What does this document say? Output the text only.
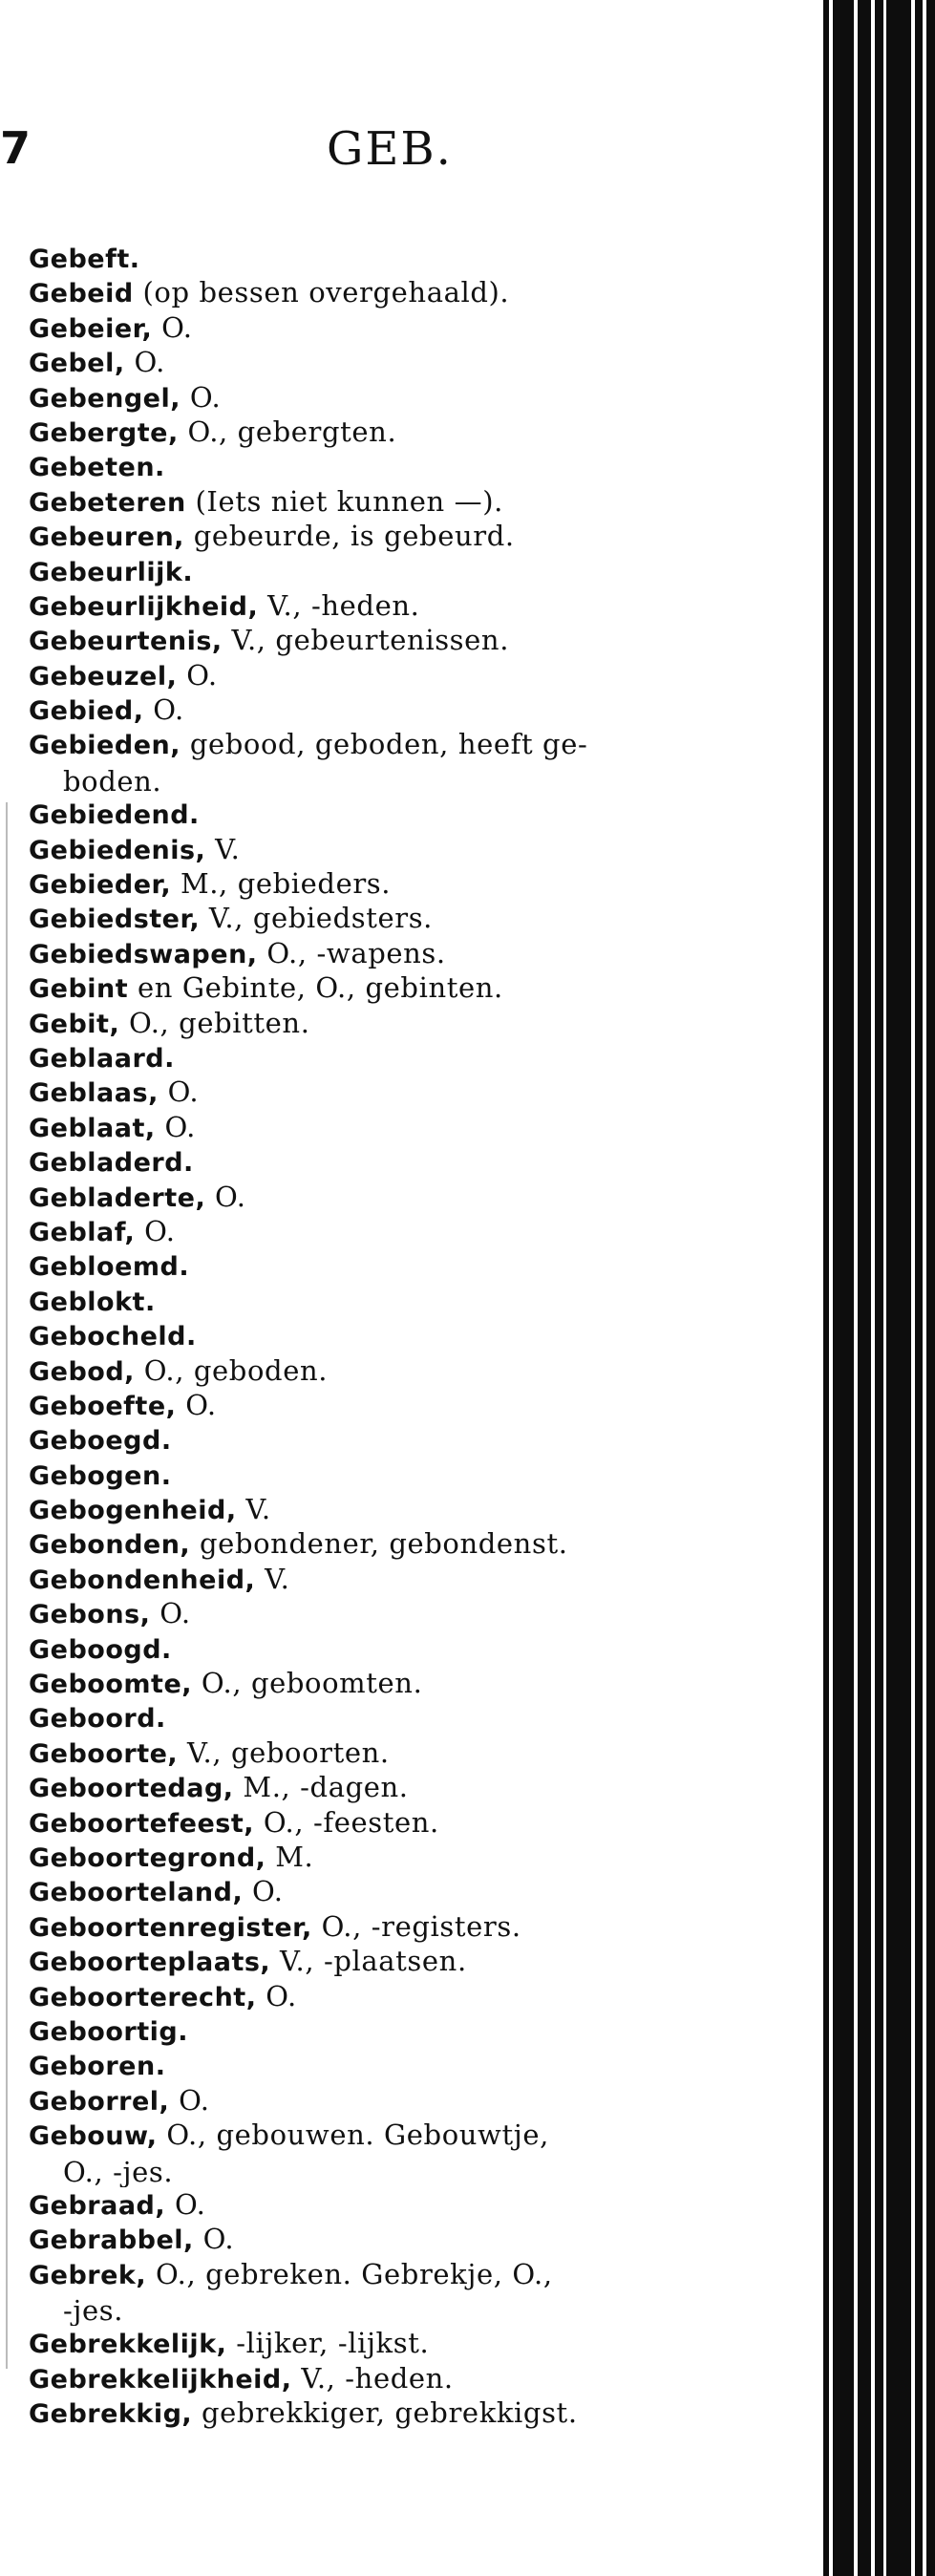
7	GEB.
Gebeft.
Gebeid (op bessen overgehaald).
Gebeier, O.
Gebel, O.
Gebengel, O.
Gebergte, O., gebergten.
Gebeten.
Gebeteren (Iets niet kunnen —).
Gebeuren, gebeurde, is gebeurd.
Gebeurlijk.
Gebeurlijkheid, V., -heden.
Gebeurtenis, V., gebeurtenissen.
Gebeuzel, O.
Gebied, O.
Gebieden, gebood, geboden, heeft ge-
boden.
Gebiedend.
Gebiedenis, V.
Gebieder, M., gebieders.
Gebiedster, V., gebiedsters.
Gebiedswapen, O., -wapens.
Gebint en Gebinte, O., gebinten.
Gebit, O., gebitten.
Geblaard.
Geblaas, O.
Geblaat, O.
Gebladerd.
Gebladerte, O.
Geblaf, O.
Gebloemd.
Geblokt.
Gebocheld.
Gebod, O., geboden.
Geboefte, O.
Geboegd.
Gebogen.
Gebogenheid, V.
Gebonden, gebondener, gebondenst.
Gebondenheid, V.
Gebons, O.
Geboogd.
Geboomte, O., geboomten.
Geboord.
Geboorte, V., geboorten.
Geboortedag, M., -dagen.
Geboortefeest, O., -feesten.
Geboortegrond, M.
Geboorteland, O.
Geboortenregister, O., -registers.
Geboorteplaats, V., -plaatsen.
Geboorterecht, O.
Geboortig.
Geboren.
Geborrel, O.
Gebouw, O., gebouwen. Gebouwtje,
O., -jes.
Gebraad, O.
Gebrabbel, O.
Gebrek, O., gebreken. Gebrekje, O.,
-jes.
Gebrekkelijk, -lijker, -lijkst.
Gebrekkelijkheid, V., -heden.
Gebrekkig, gebrekkiger, gebrekkigst.
